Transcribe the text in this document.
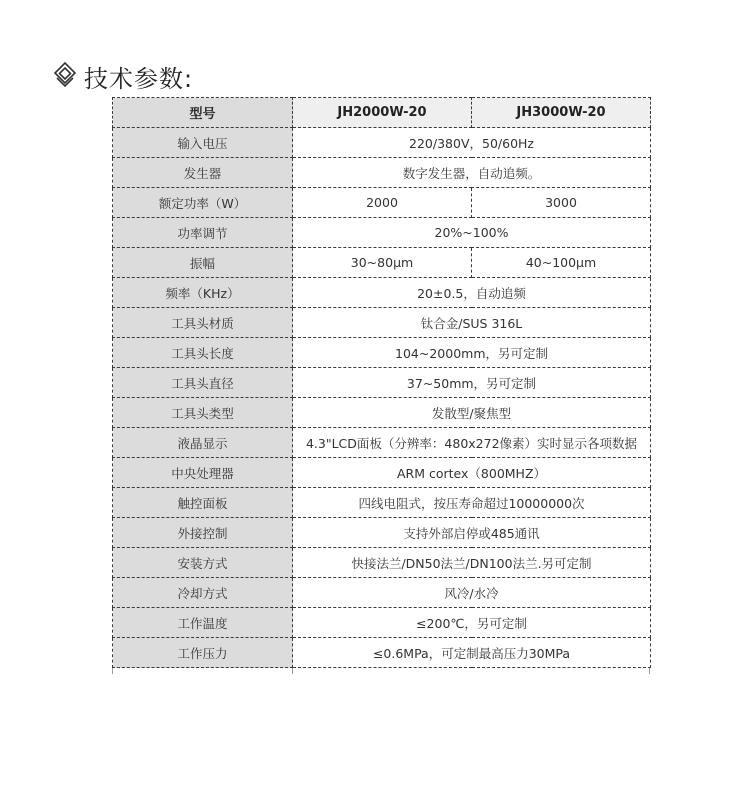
技术参数:
型号	JH2000W-20	JH3000W-20
输入电压	220/380V，50/60Hz	
发生器	数字发生器，自动追频。	
额定功率（W）	2000	3000
功率调节	20%~100%	
振幅	30~80μm	40~100μm
频率（KHz）	20±0.5，自动追频	
工具头材质	钛合金/SUS 316L	
工具头长度	104~2000mm，另可定制	
工具头直径	37~50mm，另可定制	
工具头类型	发散型/聚焦型	
液晶显示	4.3"LCD面板（分辨率：480x272像素）实时显示各项数据	
中央处理器	ARM cortex（800MHZ）	
触控面板	四线电阻式，按压寿命超过10000000次	
外接控制	支持外部启停或485通讯	
安装方式	快接法兰/DN50法兰/DN100法兰.另可定制	
冷却方式	风冷/水冷	
工作温度	≤200℃，另可定制	
工作压力	≤0.6MPa，可定制最高压力30MPa	
